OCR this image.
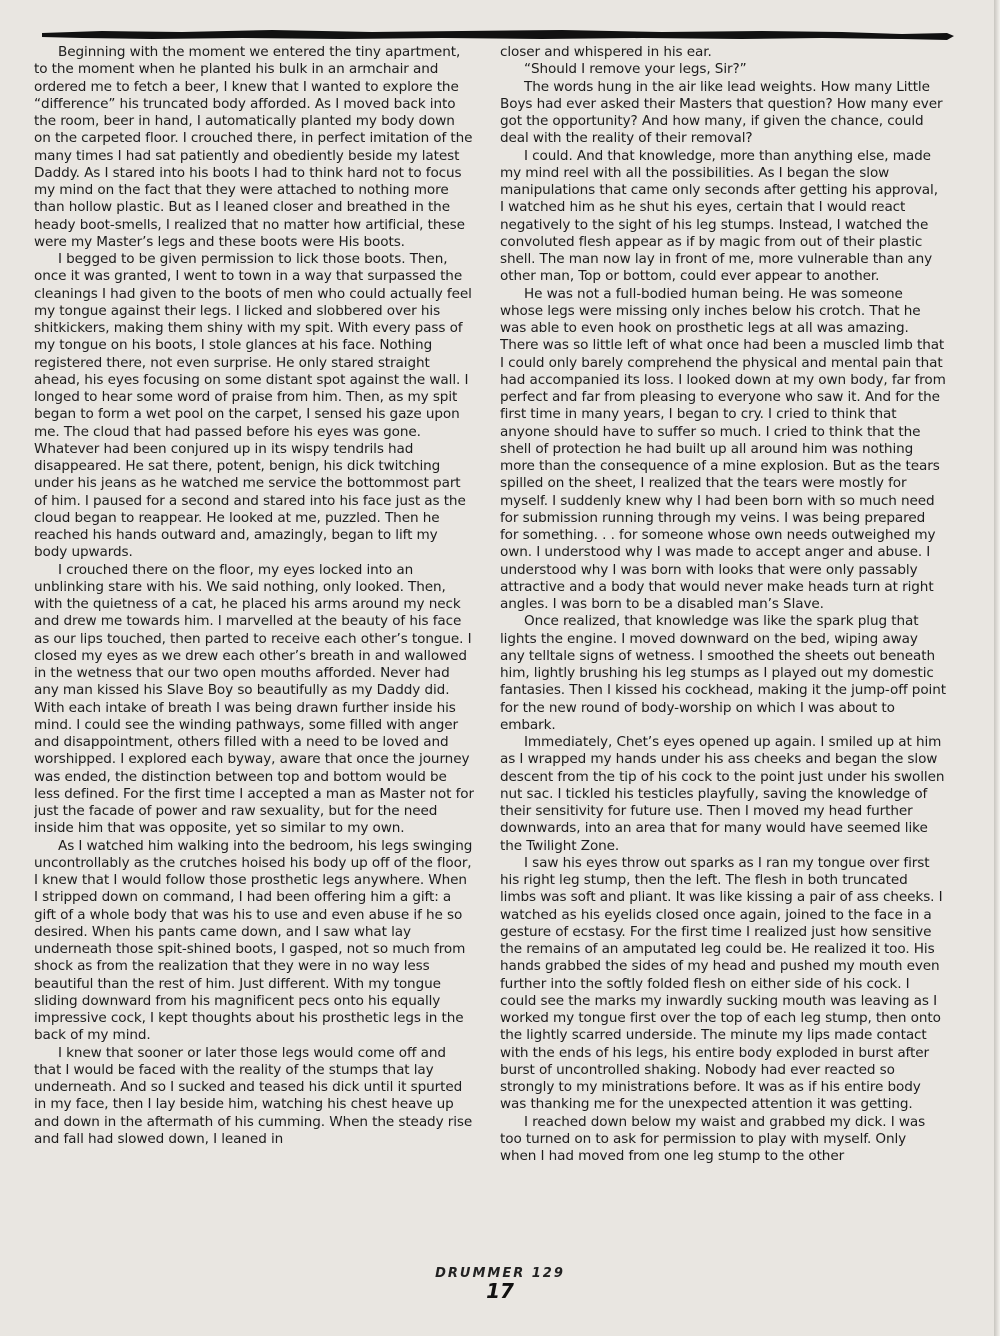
Beginning with the moment we entered the tiny apartment, to the moment when he planted his bulk in an armchair and ordered me to fetch a beer, I knew that I wanted to explore the “difference” his truncated body afforded. As I moved back into the room, beer in hand, I automatically planted my body down on the carpeted floor. I crouched there, in perfect imitation of the many times I had sat patiently and obediently beside my latest Daddy. As I stared into his boots I had to think hard not to focus my mind on the fact that they were attached to nothing more than hollow plastic. But as I leaned closer and breathed in the heady boot-smells, I realized that no matter how artificial, these were my Master’s legs and these boots were His boots.

I begged to be given permission to lick those boots. Then, once it was granted, I went to town in a way that surpassed the cleanings I had given to the boots of men who could actually feel my tongue against their legs. I licked and slobbered over his shitkickers, making them shiny with my spit. With every pass of my tongue on his boots, I stole glances at his face. Nothing registered there, not even surprise. He only stared straight ahead, his eyes focusing on some distant spot against the wall. I longed to hear some word of praise from him. Then, as my spit began to form a wet pool on the carpet, I sensed his gaze upon me. The cloud that had passed before his eyes was gone. Whatever had been conjured up in its wispy tendrils had disappeared. He sat there, potent, benign, his dick twitching under his jeans as he watched me service the bottommost part of him. I paused for a second and stared into his face just as the cloud began to reappear. He looked at me, puzzled. Then he reached his hands outward and, amazingly, began to lift my body upwards.

I crouched there on the floor, my eyes locked into an unblinking stare with his. We said nothing, only looked. Then, with the quietness of a cat, he placed his arms around my neck and drew me towards him. I marvelled at the beauty of his face as our lips touched, then parted to receive each other’s tongue. I closed my eyes as we drew each other’s breath in and wallowed in the wetness that our two open mouths afforded. Never had any man kissed his Slave Boy so beautifully as my Daddy did. With each intake of breath I was being drawn further inside his mind. I could see the winding pathways, some filled with anger and disappointment, others filled with a need to be loved and worshipped. I explored each byway, aware that once the journey was ended, the distinction between top and bottom would be less defined. For the first time I accepted a man as Master not for just the facade of power and raw sexuality, but for the need inside him that was opposite, yet so similar to my own.

As I watched him walking into the bedroom, his legs swinging uncontrollably as the crutches hoised his body up off of the floor, I knew that I would follow those prosthetic legs anywhere. When I stripped down on command, I had been offering him a gift: a gift of a whole body that was his to use and even abuse if he so desired. When his pants came down, and I saw what lay underneath those spit-shined boots, I gasped, not so much from shock as from the realization that they were in no way less beautiful than the rest of him. Just different. With my tongue sliding downward from his magnificent pecs onto his equally impressive cock, I kept thoughts about his prosthetic legs in the back of my mind.

I knew that sooner or later those legs would come off and that I would be faced with the reality of the stumps that lay underneath. And so I sucked and teased his dick until it spurted in my face, then I lay beside him, watching his chest heave up and down in the aftermath of his cumming. When the steady rise and fall had slowed down, I leaned in

closer and whispered in his ear.

“Should I remove your legs, Sir?”

The words hung in the air like lead weights. How many Little Boys had ever asked their Masters that question? How many ever got the opportunity? And how many, if given the chance, could deal with the reality of their removal?

I could. And that knowledge, more than anything else, made my mind reel with all the possibilities. As I began the slow manipulations that came only seconds after getting his approval, I watched him as he shut his eyes, certain that I would react negatively to the sight of his leg stumps. Instead, I watched the convoluted flesh appear as if by magic from out of their plastic shell. The man now lay in front of me, more vulnerable than any other man, Top or bottom, could ever appear to another.

He was not a full-bodied human being. He was someone whose legs were missing only inches below his crotch. That he was able to even hook on prosthetic legs at all was amazing. There was so little left of what once had been a muscled limb that I could only barely comprehend the physical and mental pain that had accompanied its loss. I looked down at my own body, far from perfect and far from pleasing to everyone who saw it. And for the first time in many years, I began to cry. I cried to think that anyone should have to suffer so much. I cried to think that the shell of protection he had built up all around him was nothing more than the consequence of a mine explosion. But as the tears spilled on the sheet, I realized that the tears were mostly for myself. I suddenly knew why I had been born with so much need for submission running through my veins. I was being prepared for something. . . for someone whose own needs outweighed my own. I understood why I was made to accept anger and abuse. I understood why I was born with looks that were only passably attractive and a body that would never make heads turn at right angles. I was born to be a disabled man’s Slave.

Once realized, that knowledge was like the spark plug that lights the engine. I moved downward on the bed, wiping away any telltale signs of wetness. I smoothed the sheets out beneath him, lightly brushing his leg stumps as I played out my domestic fantasies. Then I kissed his cockhead, making it the jump-off point for the new round of body-worship on which I was about to embark.

Immediately, Chet’s eyes opened up again. I smiled up at him as I wrapped my hands under his ass cheeks and began the slow descent from the tip of his cock to the point just under his swollen nut sac. I tickled his testicles playfully, saving the knowledge of their sensitivity for future use. Then I moved my head further downwards, into an area that for many would have seemed like the Twilight Zone.

I saw his eyes throw out sparks as I ran my tongue over first his right leg stump, then the left. The flesh in both truncated limbs was soft and pliant. It was like kissing a pair of ass cheeks. I watched as his eyelids closed once again, joined to the face in a gesture of ecstasy. For the first time I realized just how sensitive the remains of an amputated leg could be. He realized it too. His hands grabbed the sides of my head and pushed my mouth even further into the softly folded flesh on either side of his cock. I could see the marks my inwardly sucking mouth was leaving as I worked my tongue first over the top of each leg stump, then onto the lightly scarred underside. The minute my lips made contact with the ends of his legs, his entire body exploded in burst after burst of uncontrolled shaking. Nobody had ever reacted so strongly to my ministrations before. It was as if his entire body was thanking me for the unexpected attention it was getting.

I reached down below my waist and grabbed my dick. I was too turned on to ask for permission to play with myself. Only when I had moved from one leg stump to the other

DRUMMER 129
17
